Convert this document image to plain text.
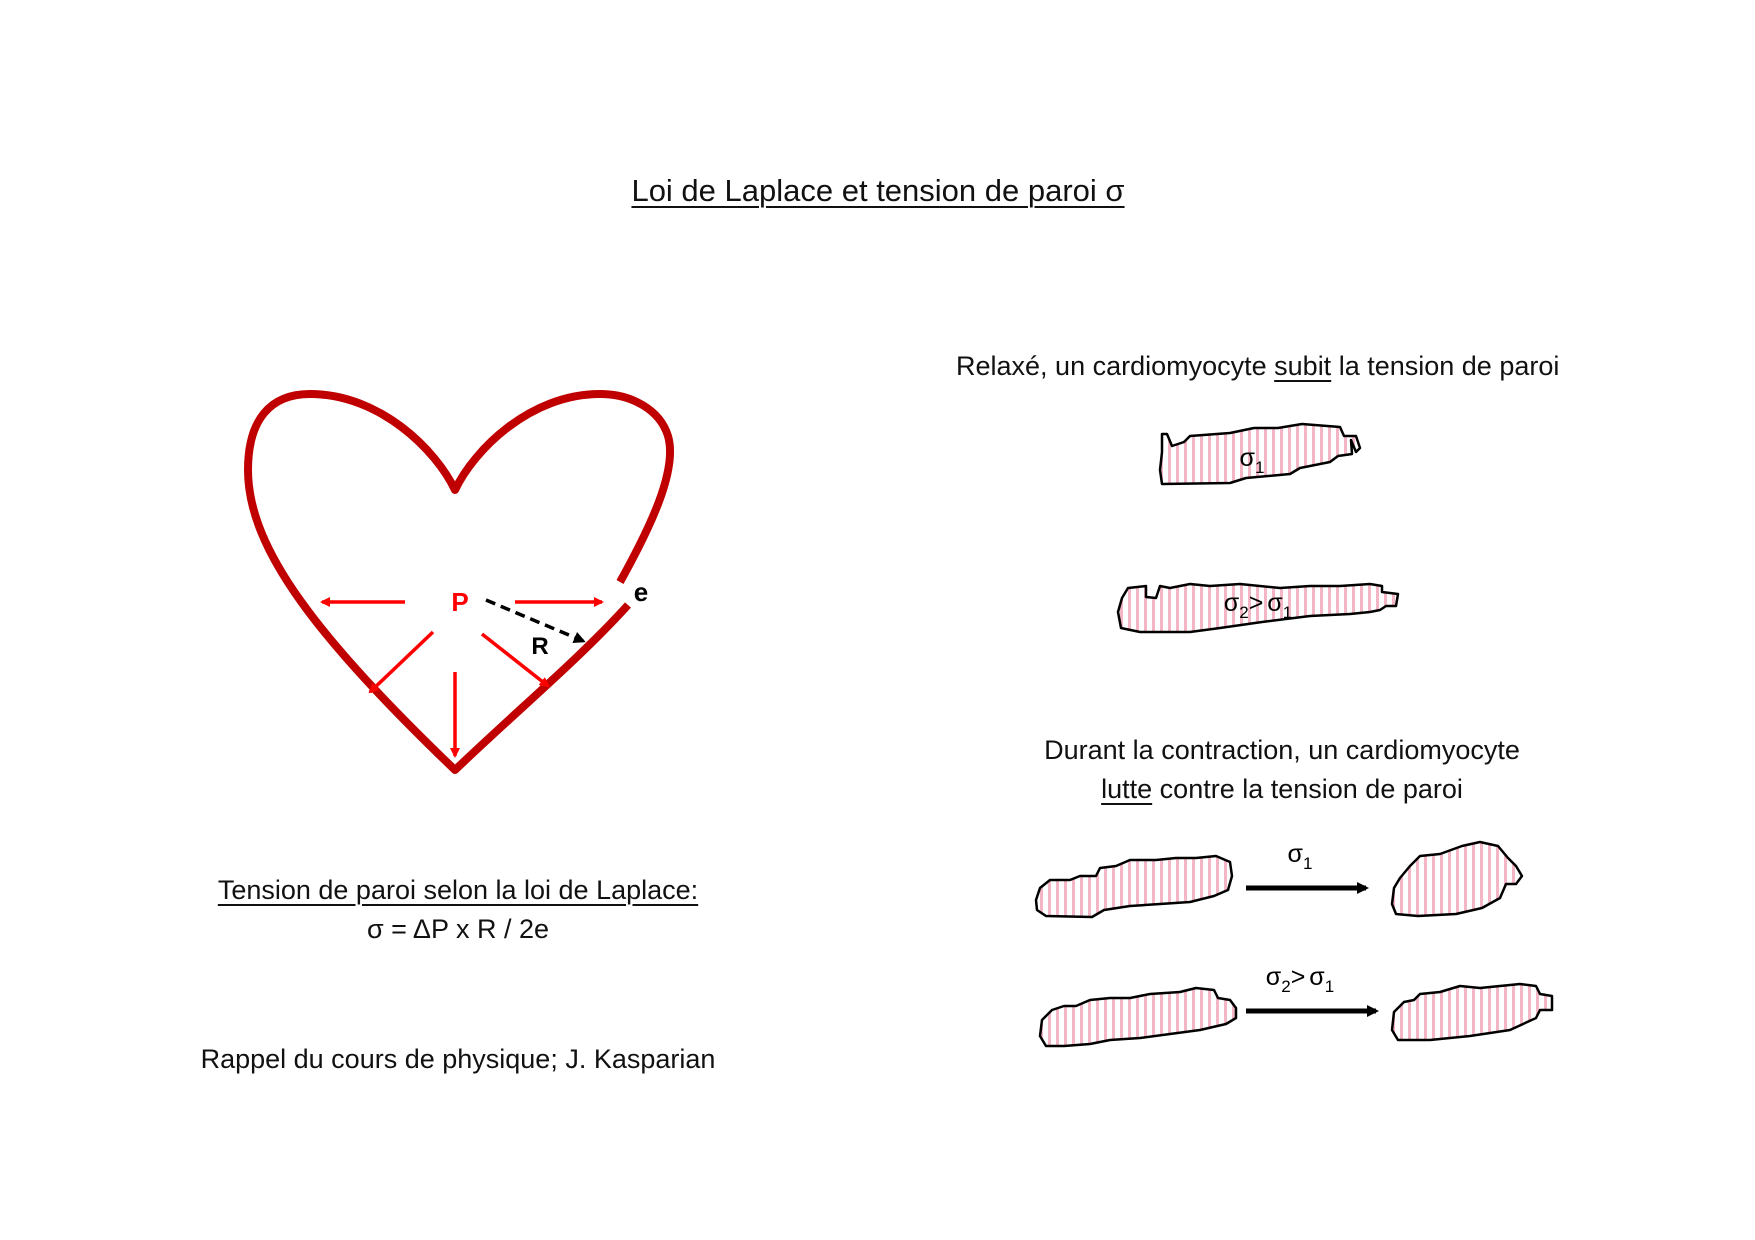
Loi de Laplace et tension de paroi σ
P
R
e
$\sigma_1$
$\sigma_2> \sigma_1$
$\sigma_1$
$\sigma_2> \sigma_1$
Relaxé, un cardiomyocyte subit la tension de paroi
Durant la contraction, un cardiomyocyte
lutte contre la tension de paroi
Tension de paroi selon la loi de Laplace:
σ = ΔP x R / 2e
Rappel du cours de physique; J. Kasparian
